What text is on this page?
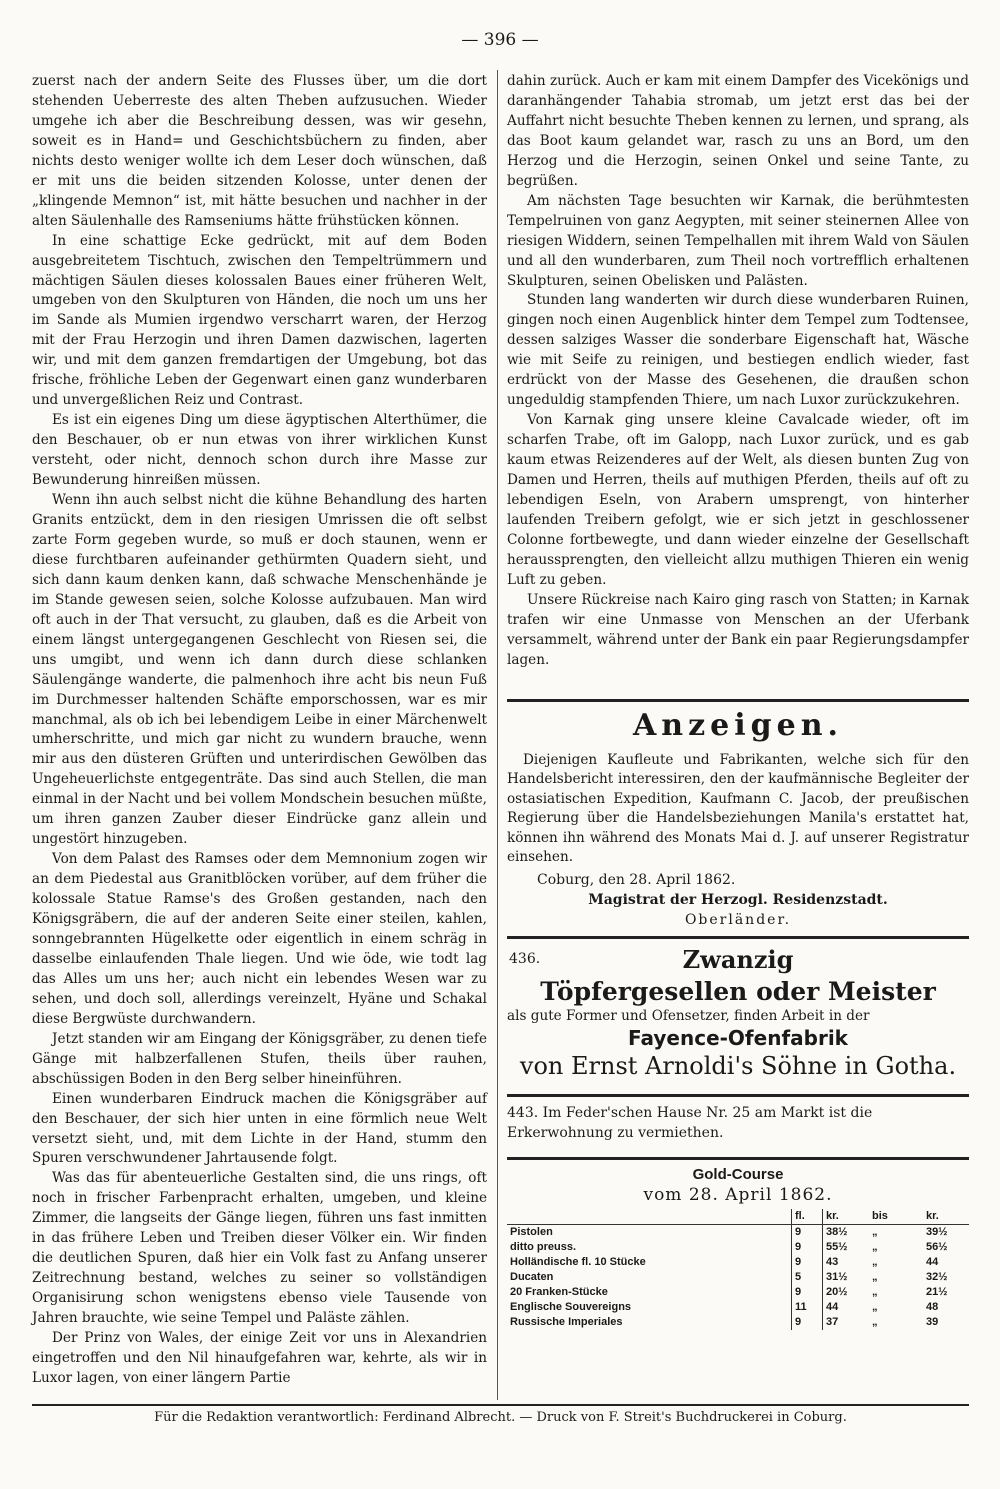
— 396 —

zuerst nach der andern Seite des Flusses über, um die dort stehenden Ueberreste des alten Theben aufzusuchen. Wieder umgehe ich aber die Beschreibung dessen, was wir gesehn, soweit es in Hand= und Geschichtsbüchern zu finden, aber nichts desto weniger wollte ich dem Leser doch wünschen, daß er mit uns die beiden sitzenden Kolosse, unter denen der „klingende Memnon“ ist, mit hätte besuchen und nachher in der alten Säulenhalle des Ramseniums hätte frühstücken können.

In eine schattige Ecke gedrückt, mit auf dem Boden ausgebreitetem Tischtuch, zwischen den Tempeltrümmern und mächtigen Säulen dieses kolossalen Baues einer früheren Welt, umgeben von den Skulpturen von Händen, die noch um uns her im Sande als Mumien irgendwo verscharrt waren, der Herzog mit der Frau Herzogin und ihren Damen dazwischen, lagerten wir, und mit dem ganzen fremdartigen der Umgebung, bot das frische, fröhliche Leben der Gegenwart einen ganz wunderbaren und unvergeßlichen Reiz und Contrast.

Es ist ein eigenes Ding um diese ägyptischen Alterthümer, die den Beschauer, ob er nun etwas von ihrer wirklichen Kunst versteht, oder nicht, dennoch schon durch ihre Masse zur Bewunderung hinreißen müssen.

Wenn ihn auch selbst nicht die kühne Behandlung des harten Granits entzückt, dem in den riesigen Umrissen die oft selbst zarte Form gegeben wurde, so muß er doch staunen, wenn er diese furchtbaren aufeinander gethürmten Quadern sieht, und sich dann kaum denken kann, daß schwache Menschenhände je im Stande gewesen seien, solche Kolosse aufzubauen. Man wird oft auch in der That versucht, zu glauben, daß es die Arbeit von einem längst untergegangenen Geschlecht von Riesen sei, die uns umgibt, und wenn ich dann durch diese schlanken Säulengänge wanderte, die palmenhoch ihre acht bis neun Fuß im Durchmesser haltenden Schäfte emporschossen, war es mir manchmal, als ob ich bei lebendigem Leibe in einer Märchenwelt umherschritte, und mich gar nicht zu wundern brauche, wenn mir aus den düsteren Grüften und unterirdischen Gewölben das Ungeheuerlichste entgegenträte. Das sind auch Stellen, die man einmal in der Nacht und bei vollem Mondschein besuchen müßte, um ihren ganzen Zauber dieser Eindrücke ganz allein und ungestört hinzugeben.

Von dem Palast des Ramses oder dem Memnonium zogen wir an dem Piedestal aus Granitblöcken vorüber, auf dem früher die kolossale Statue Ramse's des Großen gestanden, nach den Königsgräbern, die auf der anderen Seite einer steilen, kahlen, sonngebrannten Hügelkette oder eigentlich in einem schräg in dasselbe einlaufenden Thale liegen. Und wie öde, wie todt lag das Alles um uns her; auch nicht ein lebendes Wesen war zu sehen, und doch soll, allerdings vereinzelt, Hyäne und Schakal diese Bergwüste durchwandern.

Jetzt standen wir am Eingang der Königsgräber, zu denen tiefe Gänge mit halbzerfallenen Stufen, theils über rauhen, abschüssigen Boden in den Berg selber hineinführen.

Einen wunderbaren Eindruck machen die Königsgräber auf den Beschauer, der sich hier unten in eine förmlich neue Welt versetzt sieht, und, mit dem Lichte in der Hand, stumm den Spuren verschwundener Jahrtausende folgt.

Was das für abenteuerliche Gestalten sind, die uns rings, oft noch in frischer Farbenpracht erhalten, umgeben, und kleine Zimmer, die langseits der Gänge liegen, führen uns fast inmitten in das frühere Leben und Treiben dieser Völker ein. Wir finden die deutlichen Spuren, daß hier ein Volk fast zu Anfang unserer Zeitrechnung bestand, welches zu seiner so vollständigen Organisirung schon wenigstens ebenso viele Tausende von Jahren brauchte, wie seine Tempel und Paläste zählen.

Der Prinz von Wales, der einige Zeit vor uns in Alexandrien eingetroffen und den Nil hinaufgefahren war, kehrte, als wir in Luxor lagen, von einer längern Partie

dahin zurück. Auch er kam mit einem Dampfer des Vicekönigs und daranhängender Tahabia stromab, um jetzt erst das bei der Auffahrt nicht besuchte Theben kennen zu lernen, und sprang, als das Boot kaum gelandet war, rasch zu uns an Bord, um den Herzog und die Herzogin, seinen Onkel und seine Tante, zu begrüßen.

Am nächsten Tage besuchten wir Karnak, die berühmtesten Tempelruinen von ganz Aegypten, mit seiner steinernen Allee von riesigen Widdern, seinen Tempelhallen mit ihrem Wald von Säulen und all den wunderbaren, zum Theil noch vortrefflich erhaltenen Skulpturen, seinen Obelisken und Palästen.

Stunden lang wanderten wir durch diese wunderbaren Ruinen, gingen noch einen Augenblick hinter dem Tempel zum Todtensee, dessen salziges Wasser die sonderbare Eigenschaft hat, Wäsche wie mit Seife zu reinigen, und bestiegen endlich wieder, fast erdrückt von der Masse des Gesehenen, die draußen schon ungeduldig stampfenden Thiere, um nach Luxor zurückzukehren.

Von Karnak ging unsere kleine Cavalcade wieder, oft im scharfen Trabe, oft im Galopp, nach Luxor zurück, und es gab kaum etwas Reizenderes auf der Welt, als diesen bunten Zug von Damen und Herren, theils auf muthigen Pferden, theils auf oft zu lebendigen Eseln, von Arabern umsprengt, von hinterher laufenden Treibern gefolgt, wie er sich jetzt in geschlossener Colonne fortbewegte, und dann wieder einzelne der Gesellschaft heraussprengten, den vielleicht allzu muthigen Thieren ein wenig Luft zu geben.

Unsere Rückreise nach Kairo ging rasch von Statten; in Karnak trafen wir eine Unmasse von Menschen an der Uferbank versammelt, während unter der Bank ein paar Regierungsdampfer lagen.

Anzeigen.

Diejenigen Kaufleute und Fabrikanten, welche sich für den Handelsbericht interessiren, den der kaufmännische Begleiter der ostasiatischen Expedition, Kaufmann C. Jacob, der preußischen Regierung über die Handelsbeziehungen Manila's erstattet hat, können ihn während des Monats Mai d. J. auf unserer Registratur einsehen.

Coburg, den 28. April 1862.
Magistrat der Herzogl. Residenzstadt.
Oberländer.
436.	Zwanzig
Töpfergesellen oder Meister
als gute Former und Ofensetzer, finden Arbeit in der
Fayence-Ofenfabrik
von Ernst Arnoldi's Söhne in Gotha.
443. Im Feder'schen Hause Nr. 25 am Markt ist die Erkerwohnung zu vermiethen.
Gold-Course
vom 28. April 1862.
	fl.	kr.	bis	kr.
Pistolen	9	38½	„	39½
ditto preuss.	9	55½	„	56½
Holländische fl. 10 Stücke	9	43	„	44
Ducaten	5	31½	„	32½
20 Franken-Stücke	9	20½	„	21½
Englische Souvereigns	11	44	„	48
Russische Imperiales	9	37	„	39
Für die Redaktion verantwortlich: Ferdinand Albrecht. — Druck von F. Streit's Buchdruckerei in Coburg.
